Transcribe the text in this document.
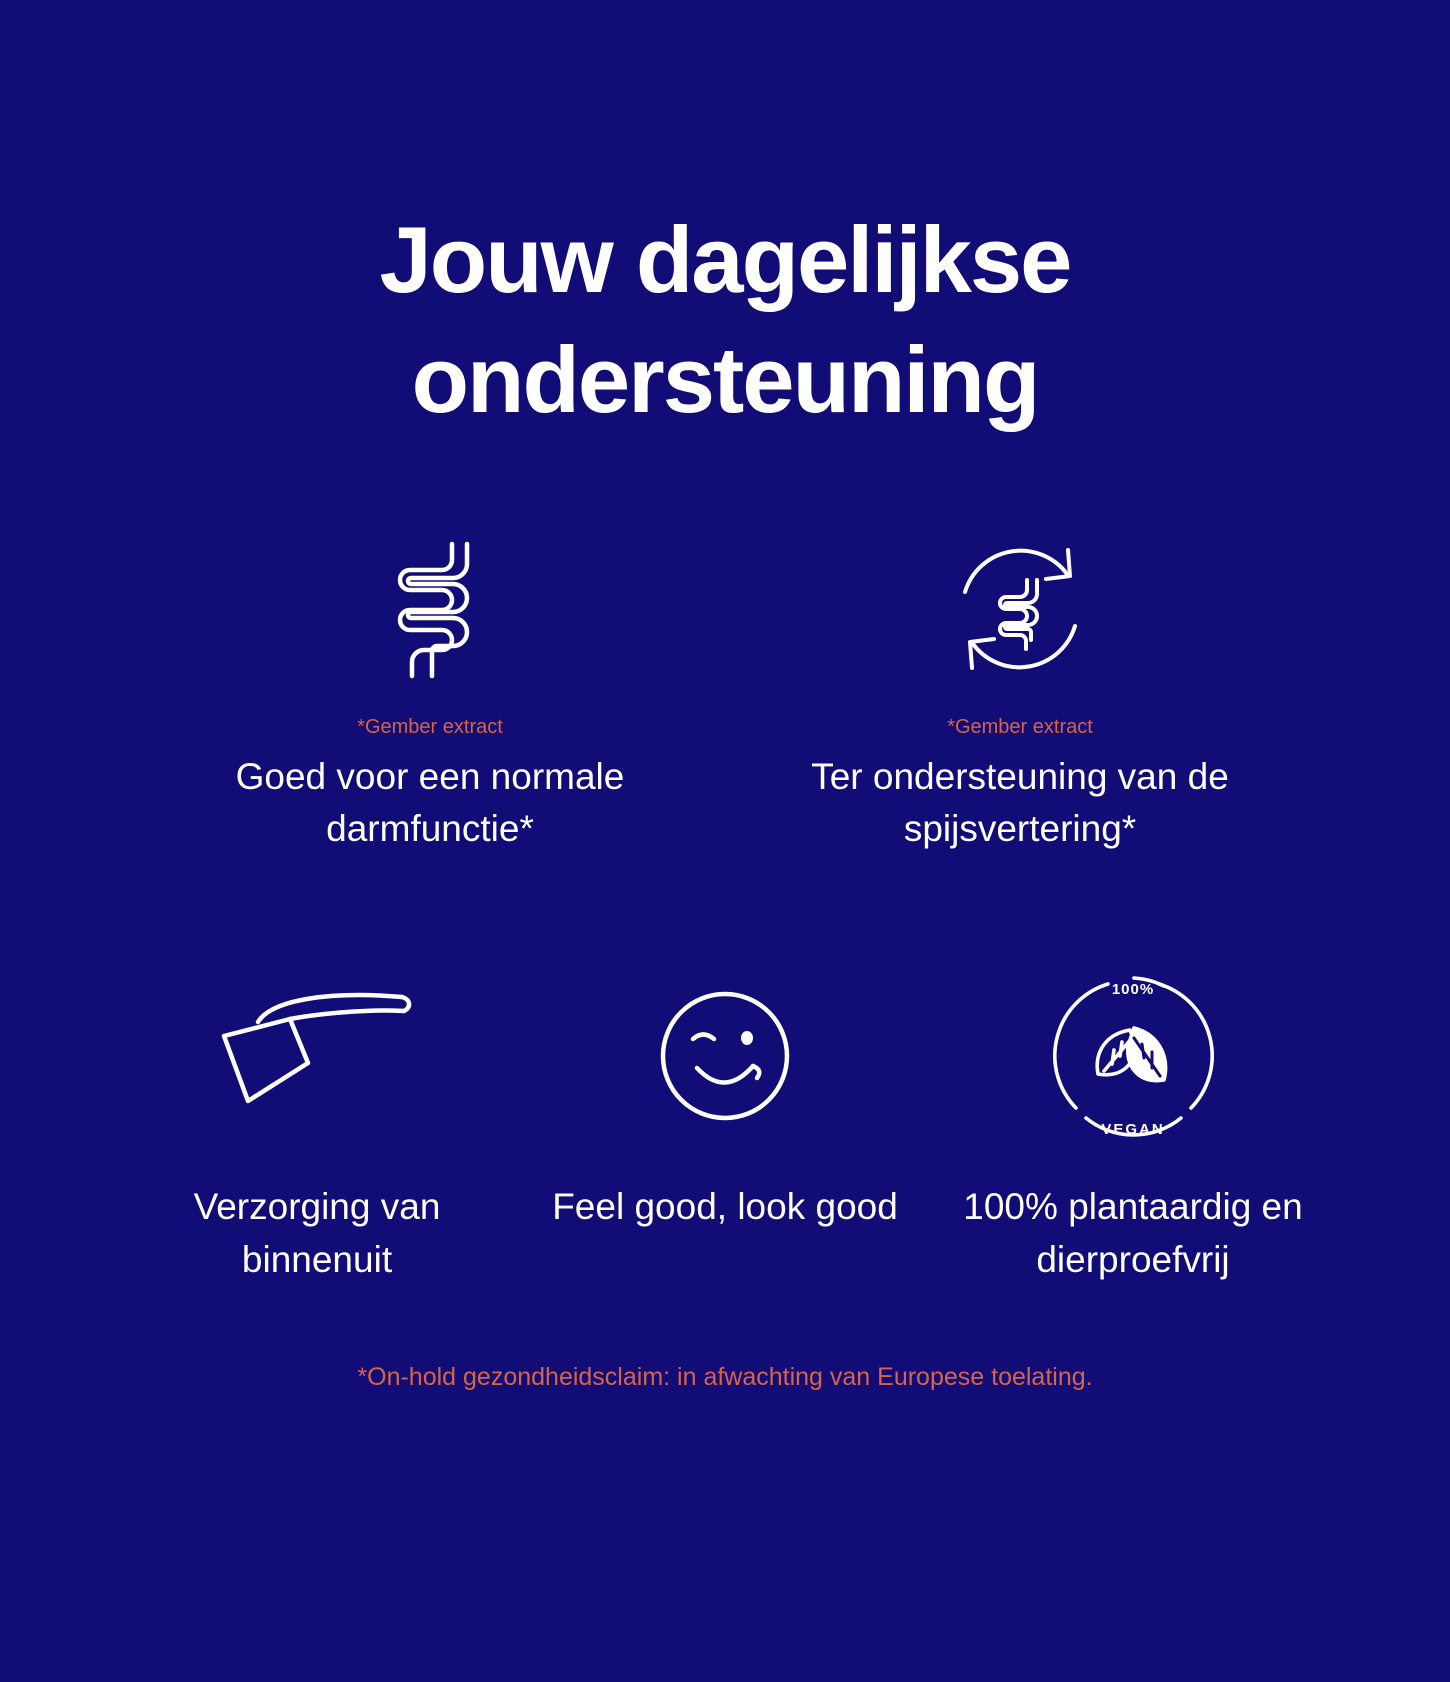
Jouw dagelijkse ondersteuning
*Gember extract
Goed voor een normale darmfunctie*
*Gember extract
Ter ondersteuning van de spijsvertering*
Verzorging van binnenuit
Feel good, look good
100%
VEGAN
100% plantaardig en dierproefvrij
*On-hold gezondheidsclaim: in afwachting van Europese toelating.
